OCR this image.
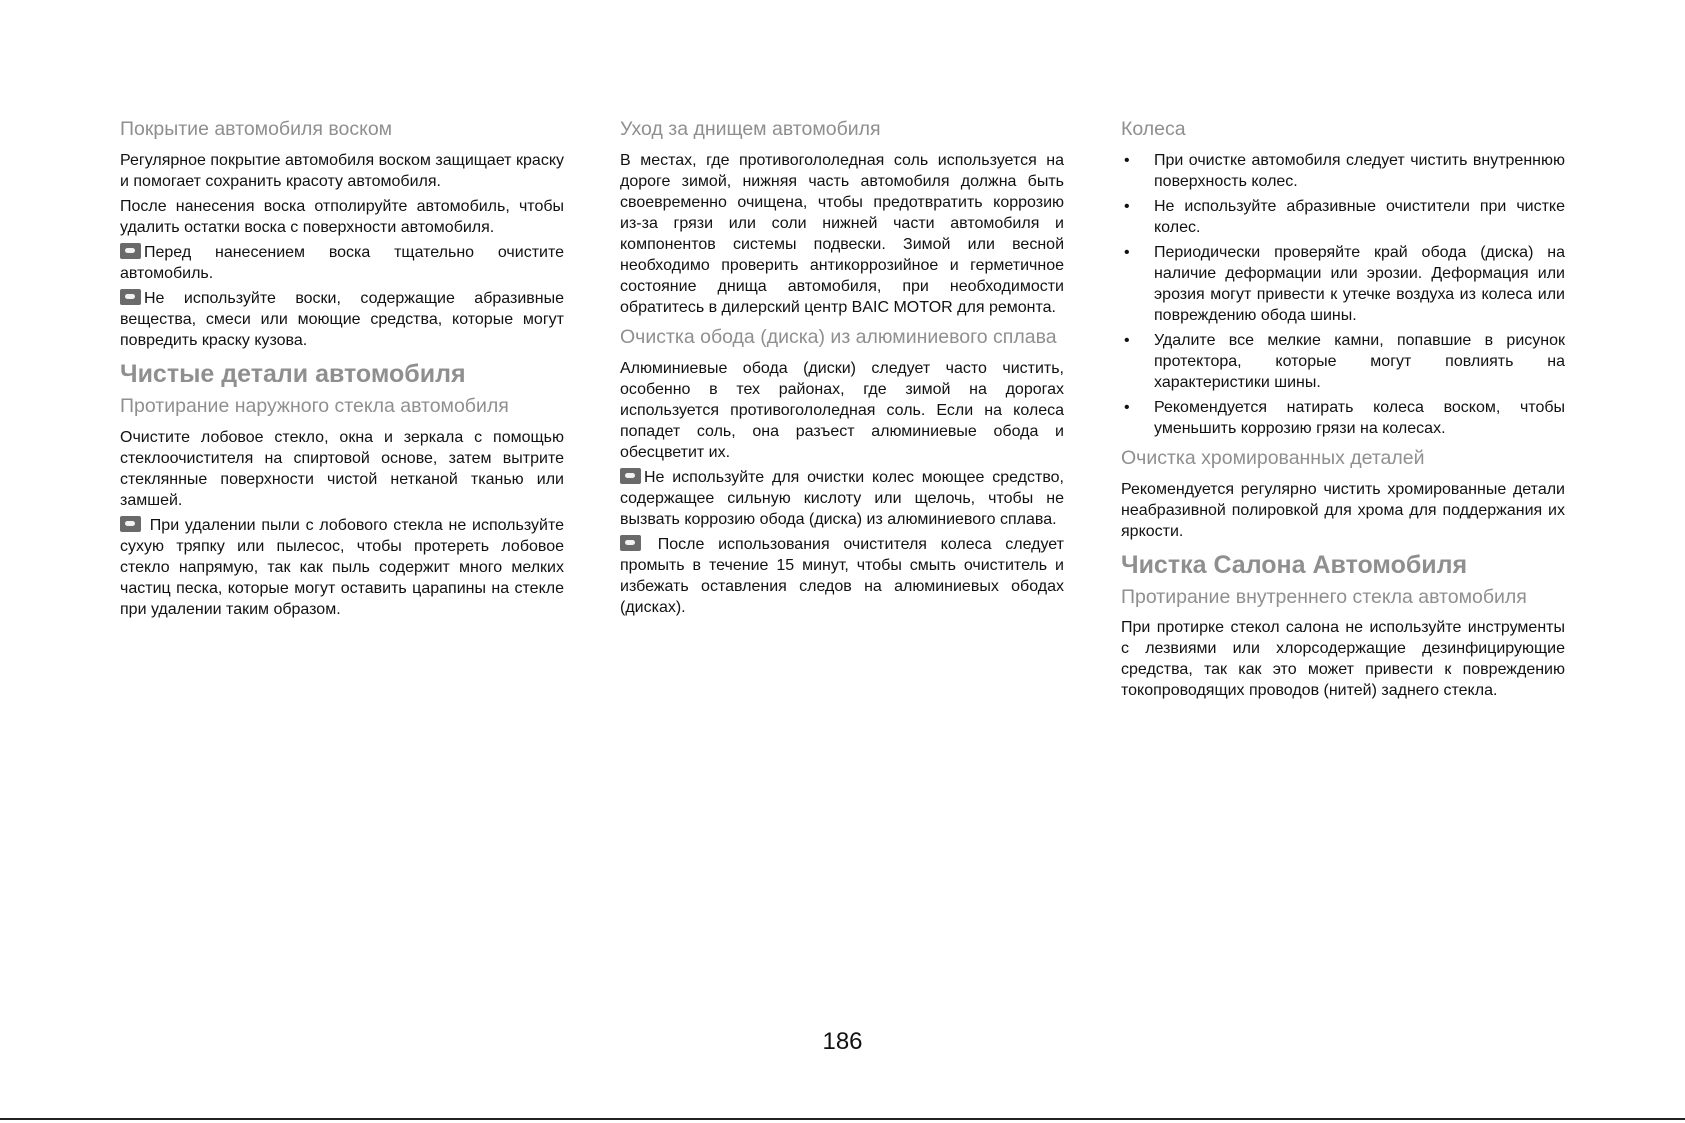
Покрытие автомобиля воском

Регулярное покрытие автомобиля воском защищает краску и помогает сохранить красоту автомобиля.

После нанесения воска отполируйте автомобиль, чтобы удалить остатки воска с поверхности автомобиля.

Перед нанесением воска тщательно очистите автомобиль.

Не используйте воски, содержащие абразивные вещества, смеси или моющие средства, которые могут повредить краску кузова.

Чистые детали автомобиля
Протирание наружного стекла автомобиля

Очистите лобовое стекло, окна и зеркала с помощью стеклоочистителя на спиртовой основе, затем вытрите стеклянные поверхности чистой нетканой тканью или замшей.

При удалении пыли с лобового стекла не используйте сухую тряпку или пылесос, чтобы протереть лобовое стекло напрямую, так как пыль содержит много мелких частиц песка, которые могут оставить царапины на стекле при удалении таким образом.

Уход за днищем автомобиля

В местах, где противогололедная соль используется на дороге зимой, нижняя часть автомобиля должна быть своевременно очищена, чтобы предотвратить коррозию из-за грязи или соли нижней части автомобиля и компонентов системы подвески. Зимой или весной необходимо проверить антикоррозийное и герметичное состояние днища автомобиля, при необходимости обратитесь в дилерский центр BAIC MOTOR для ремонта.

Очистка обода (диска) из алюминиевого сплава

Алюминиевые обода (диски) следует часто чистить, особенно в тех районах, где зимой на дорогах используется противогололедная соль. Если на колеса попадет соль, она разъест алюминиевые обода и обесцветит их.

Не используйте для очистки колес моющее средство, содержащее сильную кислоту или щелочь, чтобы не вызвать коррозию обода (диска) из алюминиевого сплава.

После использования очистителя колеса следует промыть в течение 15 минут, чтобы смыть очиститель и избежать оставления следов на алюминиевых ободах (дисках).

Колеса
• При очистке автомобиля следует чистить внутреннюю поверхность колес.
• Не используйте абразивные очистители при чистке колес.
• Периодически проверяйте край обода (диска) на наличие деформации или эрозии. Деформация или эрозия могут привести к утечке воздуха из колеса или повреждению обода шины.
• Удалите все мелкие камни, попавшие в рисунок протектора, которые могут повлиять на характеристики шины.
• Рекомендуется натирать колеса воском, чтобы уменьшить коррозию грязи на колесах.
Очистка хромированных деталей

Рекомендуется регулярно чистить хромированные детали неабразивной полировкой для хрома для поддержания их яркости.

Чистка Салона Автомобиля
Протирание внутреннего стекла автомобиля

При протирке стекол салона не используйте инструменты с лезвиями или хлорсодержащие дезинфицирующие средства, так как это может привести к повреждению токопроводящих проводов (нитей) заднего стекла.

186
